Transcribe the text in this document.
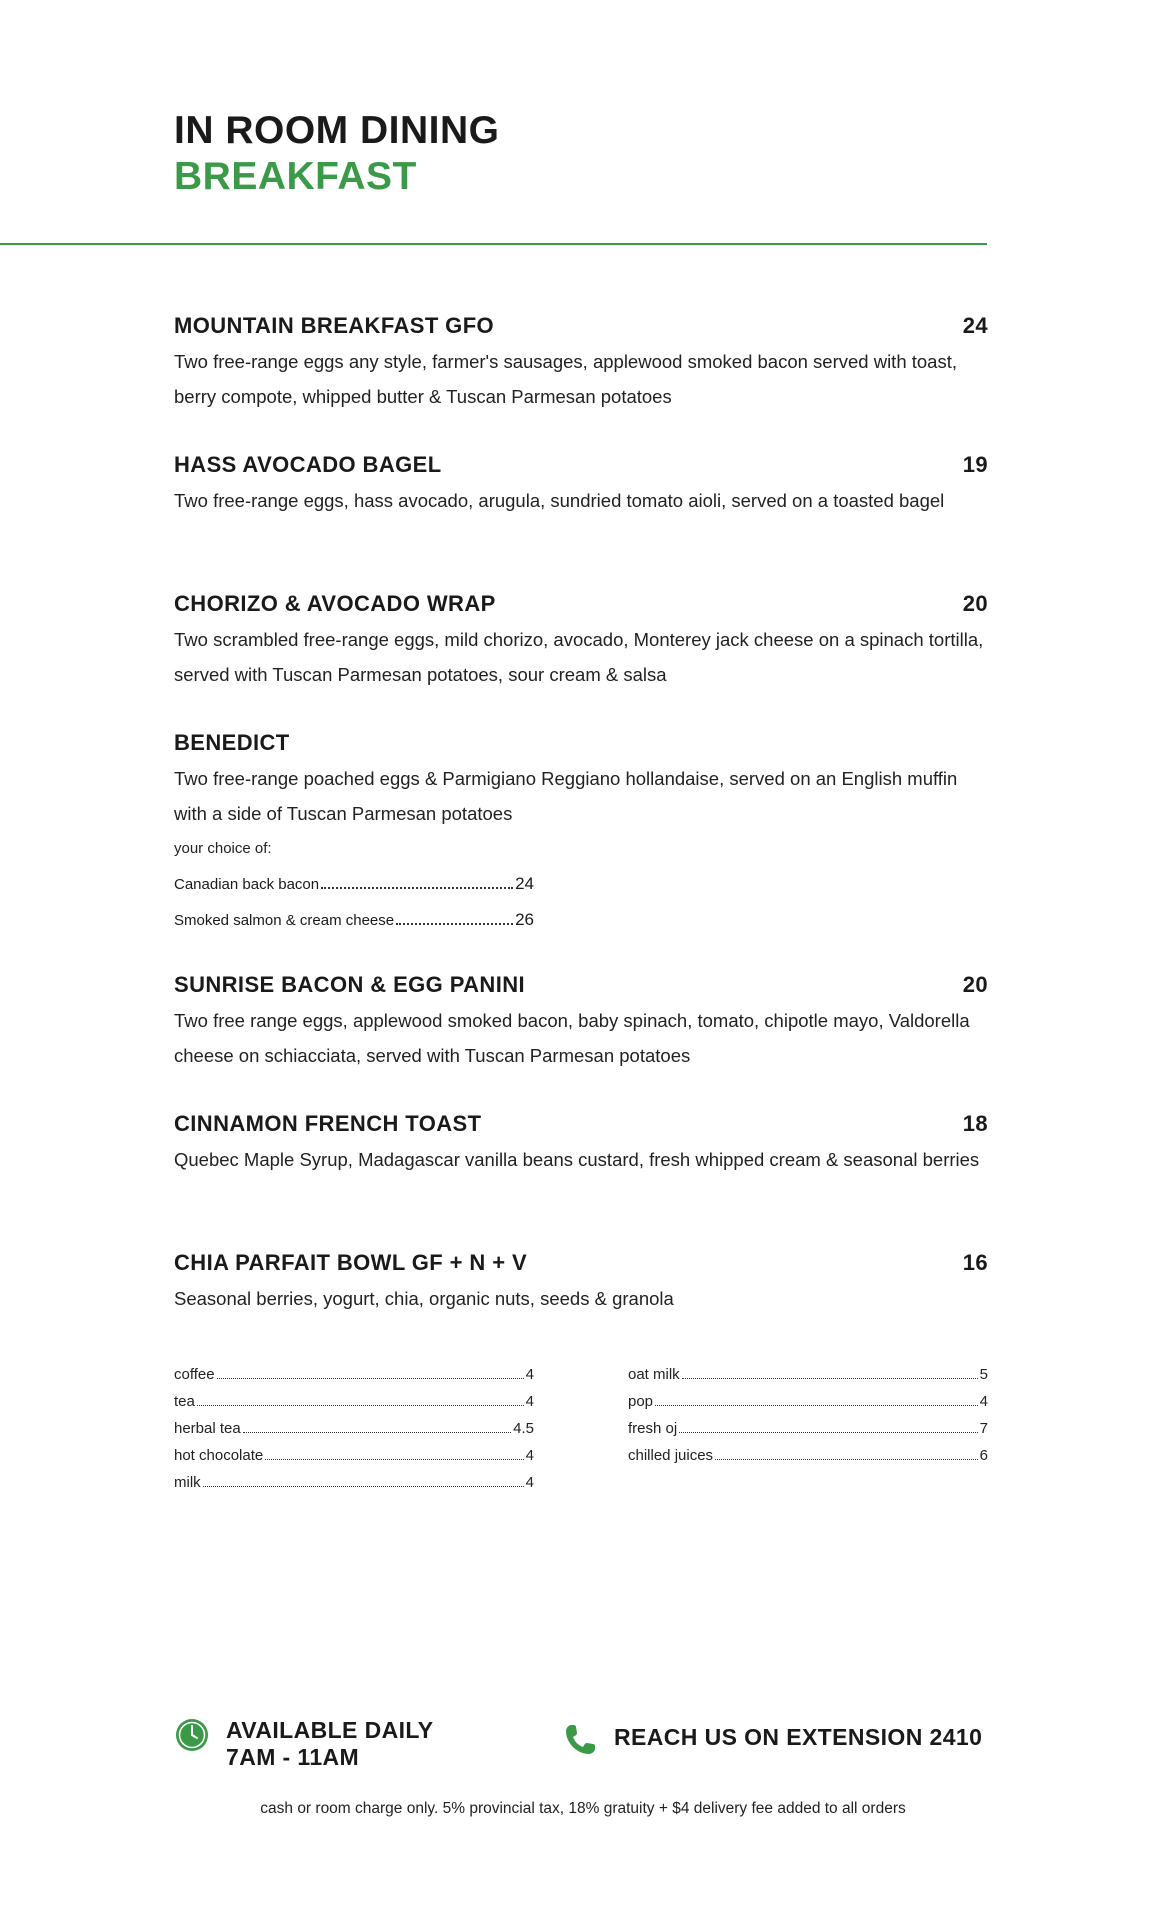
IN ROOM DINING
BREAKFAST
MOUNTAIN BREAKFAST GFO	24
Two free-range eggs any style, farmer's sausages, applewood smoked bacon served with toast, berry compote, whipped butter & Tuscan Parmesan potatoes
HASS AVOCADO BAGEL	19
Two free-range eggs, hass avocado, arugula, sundried tomato aioli, served on a toasted bagel
CHORIZO & AVOCADO WRAP	20
Two scrambled free-range eggs, mild chorizo, avocado, Monterey jack cheese on a spinach tortilla, served with Tuscan Parmesan potatoes, sour cream & salsa
BENEDICT
Two free-range poached eggs & Parmigiano Reggiano hollandaise, served on an English muffin with a side of Tuscan Parmesan potatoes
your choice of:
Canadian back bacon	24
Smoked salmon & cream cheese	26
SUNRISE BACON & EGG PANINI	20
Two free range eggs, applewood smoked bacon, baby spinach, tomato, chipotle mayo, Valdorella cheese on schiacciata, served with Tuscan Parmesan potatoes
CINNAMON FRENCH TOAST	18
Quebec Maple Syrup, Madagascar vanilla beans custard, fresh whipped cream & seasonal berries
CHIA PARFAIT BOWL GF + N + V	16
Seasonal berries, yogurt, chia, organic nuts, seeds & granola
coffee	4
tea	4
herbal tea	4.5
hot chocolate	4
milk	4
oat milk	5
pop	4
fresh oj	7
chilled juices	6
AVAILABLE DAILY
7AM - 11AM
REACH US ON EXTENSION 2410
cash or room charge only. 5% provincial tax, 18% gratuity + $4 delivery fee added to all orders
